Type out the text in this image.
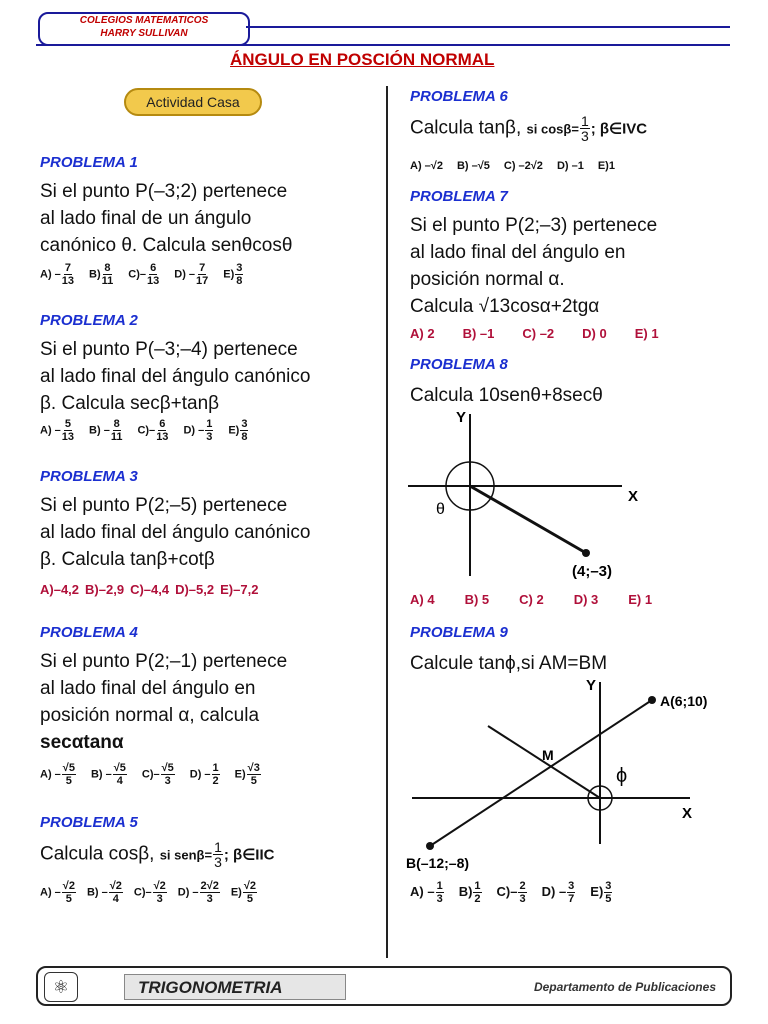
COLEGIOS MATEMATICOS
HARRY SULLIVAN
ÁNGULO EN POSCIÓN NORMAL
Actividad Casa
PROBLEMA 1
Si el punto P(–3;2) pertenece
al lado final de un ángulo
canónico θ. Calcula senθcosθ
$A) - \frac{7}{13} B) \frac{8}{11} C)- \frac{6}{13} D) - \frac{7}{17} E) \frac{3}{8}$
PROBLEMA 2
Si el punto P(–3;–4) pertenece
al lado final del ángulo canónico
β. Calcula secβ+tanβ
$A) - \frac{5}{13} B) - \frac{8}{11} C)- \frac{6}{13} D) - \frac{1}{3} E) \frac{3}{8}$
PROBLEMA 3
Si el punto P(2;–5) pertenece
al lado final del ángulo canónico
β. Calcula tanβ+cotβ
A)–4,2 B)–2,9 C)–4,4 D)–5,2 E)–7,2
PROBLEMA 4
Si el punto P(2;–1) pertenece
al lado final del ángulo en
posición normal α, calcula
secαtanα
$A) - \frac{√5}{5} B) - \frac{√5}{4} C)- \frac{√5}{3} D) - \frac{1}{2} E) \frac{√3}{5}$
PROBLEMA 5
Calcula cosβ, si $sen\beta= \frac{1}{3}$ ; β∈IIC
$A) - \frac{√2}{5} B) - \frac{√2}{4} C)- \frac{√2}{3} D) - \frac{2√2}{3} E) \frac{√2}{5}$
PROBLEMA 6
Calcula tanβ, si $\cos\beta= \frac{1}{3}$ ; β∈IVC
A) –√2 B) –√5 C) –2√2 D) –1 E)1
PROBLEMA 7
Si el punto P(2;–3) pertenece
al lado final del ángulo en
posición normal α.
Calcula √13cosα+2tgα
A) 2 B) –1 C) –2 D) 0 E) 1
PROBLEMA 8
Calcula 10senθ+8secθ
Y
X
θ
(4;–3)
A) 4 B) 5 C) 2 D) 3 E) 1
PROBLEMA 9
Calcule tanϕ,si AM=BM
Y
X
A(6;10)
B(–12;–8)
M
ϕ
$A) - \frac{1}{3} B) \frac{1}{2} C)- \frac{2}{3} D) - \frac{3}{7} E) \frac{3}{5}$
⚛	TRIGONOMETRIA	Departamento de Publicaciones
